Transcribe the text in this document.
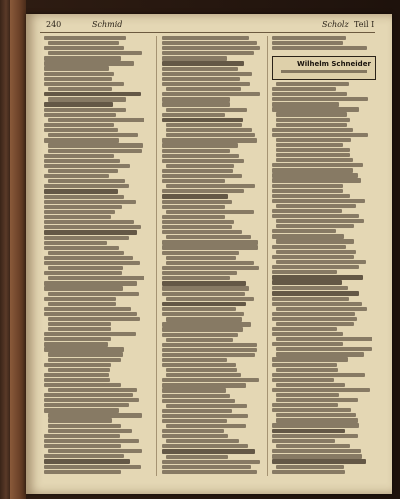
240	Schmid	Scholz Teil I
Wilhelm Schneider
